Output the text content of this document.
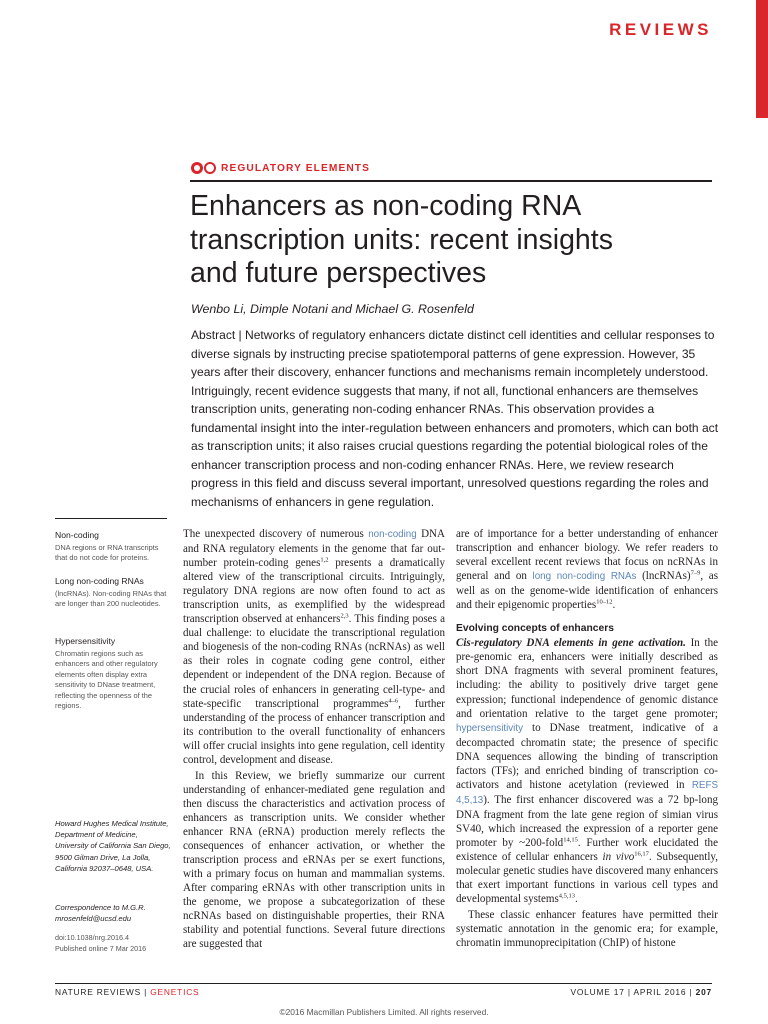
REVIEWS
REGULATORY ELEMENTS
Enhancers as non-coding RNA
transcription units: recent insights
and future perspectives
Wenbo Li, Dimple Notani and Michael G. Rosenfeld
Abstract | Networks of regulatory enhancers dictate distinct cell identities and cellular responses to diverse signals by instructing precise spatiotemporal patterns of gene expression. However, 35 years after their discovery, enhancer functions and mechanisms remain incompletely understood. Intriguingly, recent evidence suggests that many, if not all, functional enhancers are themselves transcription units, generating non-coding enhancer RNAs. This observation provides a fundamental insight into the inter-regulation between enhancers and promoters, which can both act as transcription units; it also raises crucial questions regarding the potential biological roles of the enhancer transcription process and non-coding enhancer RNAs. Here, we review research progress in this field and discuss several important, unresolved questions regarding the roles and mechanisms of enhancers in gene regulation.
Non-coding
DNA regions or RNA transcripts that do not code for proteins.
Long non-coding RNAs
(lncRNAs). Non-coding RNAs that are longer than 200 nucleotides.
Hypersensitivity
Chromatin regions such as enhancers and other regulatory elements often display extra sensitivity to DNase treatment, reflecting the openness of the regions.
Howard Hughes Medical Institute, Department of Medicine, University of California San Diego, 9500 Gilman Drive, La Jolla, California 92037–0648, USA.
Correspondence to M.G.R. mrosenfeld@ucsd.edu
doi:10.1038/nrg.2016.4
Published online 7 Mar 2016

The unexpected discovery of numerous non-coding DNA and RNA regulatory elements in the genome that far out-number protein-coding genes$^{1,2}$ presents a dramatically altered view of the transcriptional circuits. Intriguingly, regulatory DNA regions are now often found to act as transcription units, as exemplified by the widespread transcription observed at enhancers$^{2,3}$. This finding poses a dual challenge: to elucidate the transcriptional regulation and biogenesis of the non-coding RNAs (ncRNAs) as well as their roles in cognate coding gene control, either dependent or independent of the DNA region. Because of the crucial roles of enhancers in generating cell-type- and state-specific transcriptional programmes$^{4-6}$, further understanding of the process of enhancer transcription and its contribution to the overall functionality of enhancers will offer crucial insights into gene regulation, cell identity control, development and disease.

In this Review, we briefly summarize our current understanding of enhancer-mediated gene regulation and then discuss the characteristics and activation process of enhancers as transcription units. We consider whether enhancer RNA (eRNA) production merely reflects the consequences of enhancer activation, or whether the transcription process and eRNAs per se exert functions, with a primary focus on human and mammalian systems. After comparing eRNAs with other transcription units in the genome, we propose a subcategorization of these ncRNAs based on distinguishable properties, their RNA stability and potential functions. Several future directions are suggested that

are of importance for a better understanding of enhancer transcription and enhancer biology. We refer readers to several excellent recent reviews that focus on ncRNAs in general and on long non-coding RNAs (lncRNAs)$^{7-9}$, as well as on the genome-wide identification of enhancers and their epigenomic properties$^{10-12}$.

Evolving concepts of enhancers

Cis-regulatory DNA elements in gene activation. In the pre-genomic era, enhancers were initially described as short DNA fragments with several prominent features, including: the ability to positively drive target gene expression; functional independence of genomic distance and orientation relative to the target gene promoter; hypersensitivity to DNase treatment, indicative of a decompacted chromatin state; the presence of specific DNA sequences allowing the binding of transcription factors (TFs); and enriched binding of transcription co-activators and histone acetylation (reviewed in REFS 4,5,13). The first enhancer discovered was a 72 bp-long DNA fragment from the late gene region of simian virus SV40, which increased the expression of a reporter gene promoter by ~200-fold$^{14,15}$. Further work elucidated the existence of cellular enhancers in vivo$^{16,17}$. Subsequently, molecular genetic studies have discovered many enhancers that exert important functions in various cell types and developmental systems$^{4,5,13}$.

These classic enhancer features have permitted their systematic annotation in the genomic era; for example, chromatin immunoprecipitation (ChIP) of histone

NATURE REVIEWS | GENETICS	VOLUME 17 | APRIL 2016 | 207
©2016 Macmillan Publishers Limited. All rights reserved.
